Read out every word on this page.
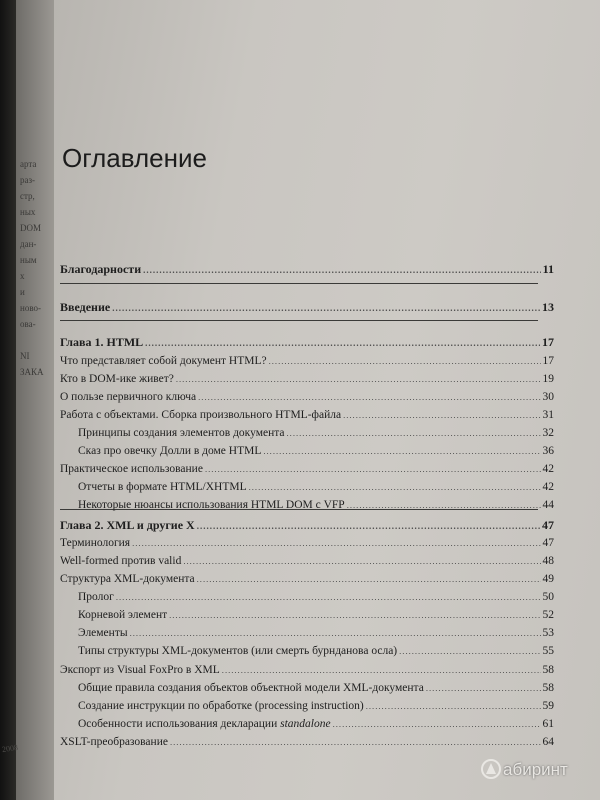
арта
раз-
стр,
ных
DOM
дан-
ным
х
и
ново-
ова-
NI
ЗАКА
Оглавление
Благодарности .....	11
Введение .....	13
Глава 1. HTML .....	17
Что представляет собой документ HTML? .....	17
Кто в DOM-ике живет? .....	19
О пользе первичного ключа .....	30
Работа с объектами. Сборка произвольного HTML-файла .....	31
Принципы создания элементов документа .....	32
Сказ про овечку Долли в доме HTML .....	36
Практическое использование .....	42
Отчеты в формате HTML/XHTML .....	42
Некоторые нюансы использования HTML DOM с VFP .....	44
Глава 2. XML и другие X .....	47
Терминология .....	47
Well-formed против valid .....	48
Структура XML-документа .....	49
Пролог .....	50
Корневой элемент .....	52
Элементы .....	53
Типы структуры XML-документов (или смерть бурнданова осла) .....	55
Экспорт из Visual FoxPro в XML .....	58
Общие правила создания объектов объектной модели XML-документа .....	58
Создание инструкции по обработке (processing instruction) .....	59
Особенности использования декларации standalone .....	61
XSLT-преобразование .....	64
абиринт
2008
